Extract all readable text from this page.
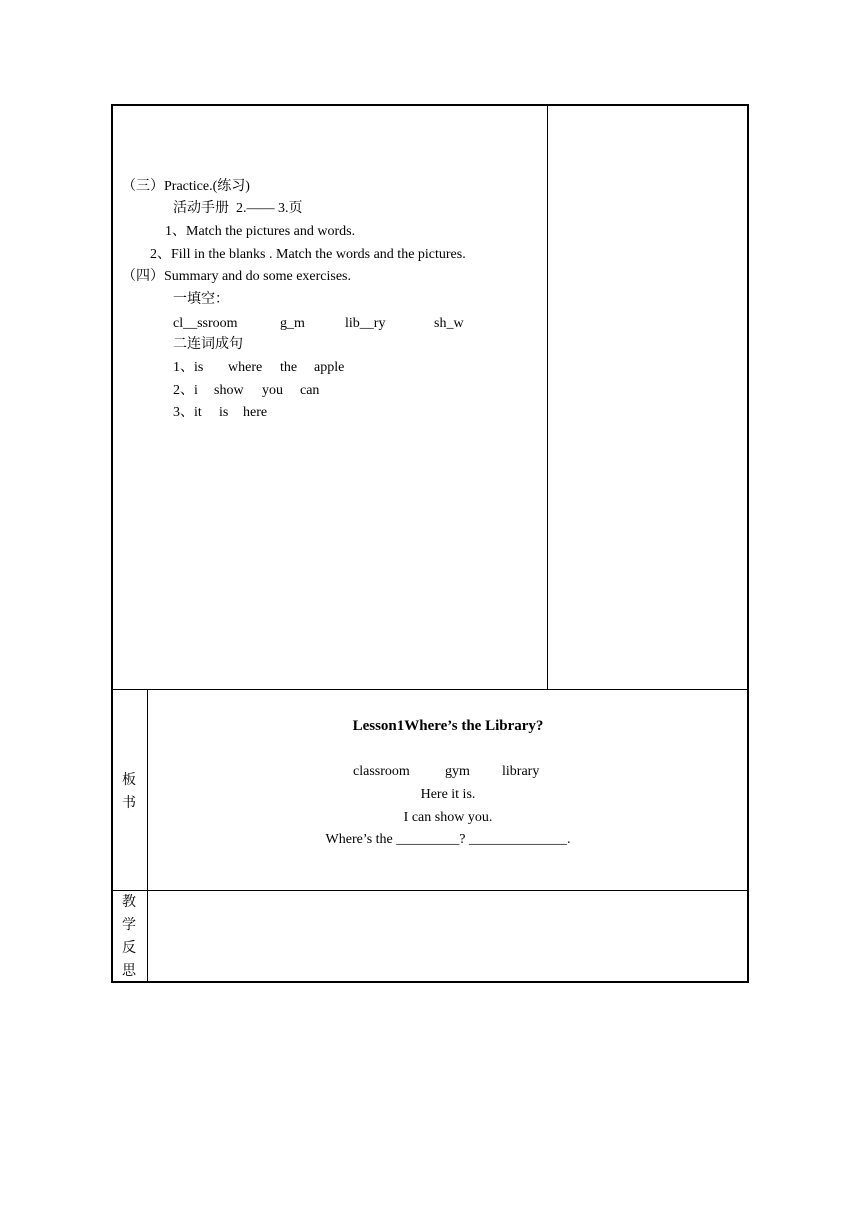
（三）Practice.(练习)
活动手册  2.—— 3.页
1、Match the pictures and words.
2、Fill in the blanks . Match the words and the pictures.
（四）Summary and do some exercises.
一填空：
cl__ssroom	g_m	lib__ry	sh_w
二连词成句
1、is where the apple
2、i show you can
3、it is here
板
书
Lesson1Where’s the Library?
classroom	gym library
Here it is.
I can show you.
Where’s the _________? ______________.
教
学
反
思
